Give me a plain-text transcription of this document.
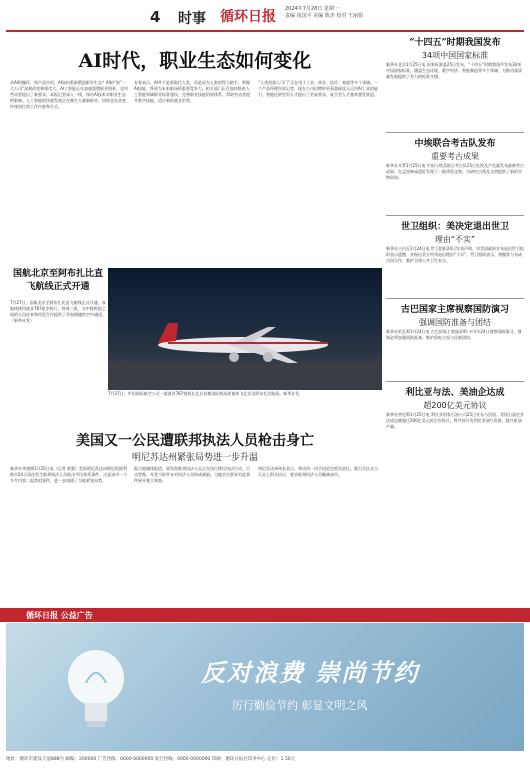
4 时事 循环日报 2024年7月28日 星期一
责编 钱国平 美编 陈杰 校对 王丽娟
AI时代，职业生态如何变化
从AI的爆炸，到产品应用，AI如何重新塑造职业生态？AI的“到”一大公司“深刻改变和现代大。AI工智能正在加速重塑职业图景，也对劳动者提出了新要求。本报记者深入一线，探访AI技术对职业生态的影响。人工智能的快速发展正在催生大量新职业，同时也在改变传统岗位的工作内容和方式。
专家表示，AI并不是要取代人类，而是成为人类的得力助手。掌握AI技能，将成为未来职场的重要竞争力。相关部门正在加快推进人工智能领域职业标准建设，完善职业技能培训体系，帮助劳动者提升数字技能，适应新的就业形势。
“人类机器人可门”正在用于工业、商业、医疗、家庭等多个领域。一个产品经理告诉记者，现在公司招聘时更看重候选人运用AI工具的能力。智能化转型对人才提出了更高要求，复合型人才越来越受欢迎。
国航北京至阿布扎比直飞航线正式开通
7月27日，国航北京至阿布扎比直飞航线正式开通。该航线使用波音787机型执行，每周三班，为中阿两国之间的人员往来和经贸合作提供了更加便捷的空中通道。（新华社发）
7月27日，中国国际航空公司一架波音787客机在北京首都国际机场准备执飞北京至阿布扎比航班。新华社发
美国又一公民遭联邦执法人员枪击身亡
明尼苏达州紧张局势进一步升温
新华社华盛顿1月25日电（记者 黄强）美国明尼苏达州明尼阿波利斯市24日再次发生联邦执法人员枪击平民致死事件。这是该市一个多月内第二起类似事件，进一步加剧了当地紧张局势。
据当地媒体报道，事发时联邦执法人员正在执行移民执法行动。目击者称，死者当时并未对执法人员构成威胁。当地官员要求对此事件展开独立调查。
明尼苏达州州长表示，将动用一切手段追究相关责任。数百名民众当天走上街头抗议，要求联邦执法人员撤离该市。
“十四五”时期我国发布
34项中国国家标准
新华社北京1月25日电 国家标准委25日发布，“十四五”时期我国共发布34项中国国家标准，涵盖生态环境、数字经济、智能制造等多个领域，为推动高质量发展提供了有力的标准支撑。
中埃联合考古队发布
重要考古成果
新华社开罗1月25日电 中国与埃及联合考古队25日在埃及卢克索发布最新考古成果，在孟图神庙遗址发现了一批珍贵文物，为研究古埃及文明提供了新的实物资料。
世卫组织：美决定退出世卫
理由“不实”
新华社日内瓦1月24日电 世卫组织24日发表声明，对美国政府宣布退出世卫组织表示遗憾，并指出美方所列退出理由“不实”。世卫组织表示，将继续与各成员国合作，维护全球公共卫生安全。
古巴国家主席视察国防演习
强调国防准备与团结
新华社哈瓦那1月24日电 古巴国家主席迪亚斯-卡内尔24日视察国防演习，强调必须加强国防准备，维护国家主权与民族团结。
利比亚与法、美油企达成
超200亿美元协议
新华社突尼斯1月25日电 利比亚国家石油公司25日宣布与法国、美国石油企业达成总额超过200亿美元的合作协议，将共同开发利比亚油气资源，提升原油产量。
循环日报 公益广告
反对浪费 崇尚节约
厉行勤俭节约 彰显文明之风
地址：循环市建设大道888号 邮编：200000 广告热线：0000-0000000 发行热线：0000-0000000 印刷：循环日报社印务中心 定价：1.50元
